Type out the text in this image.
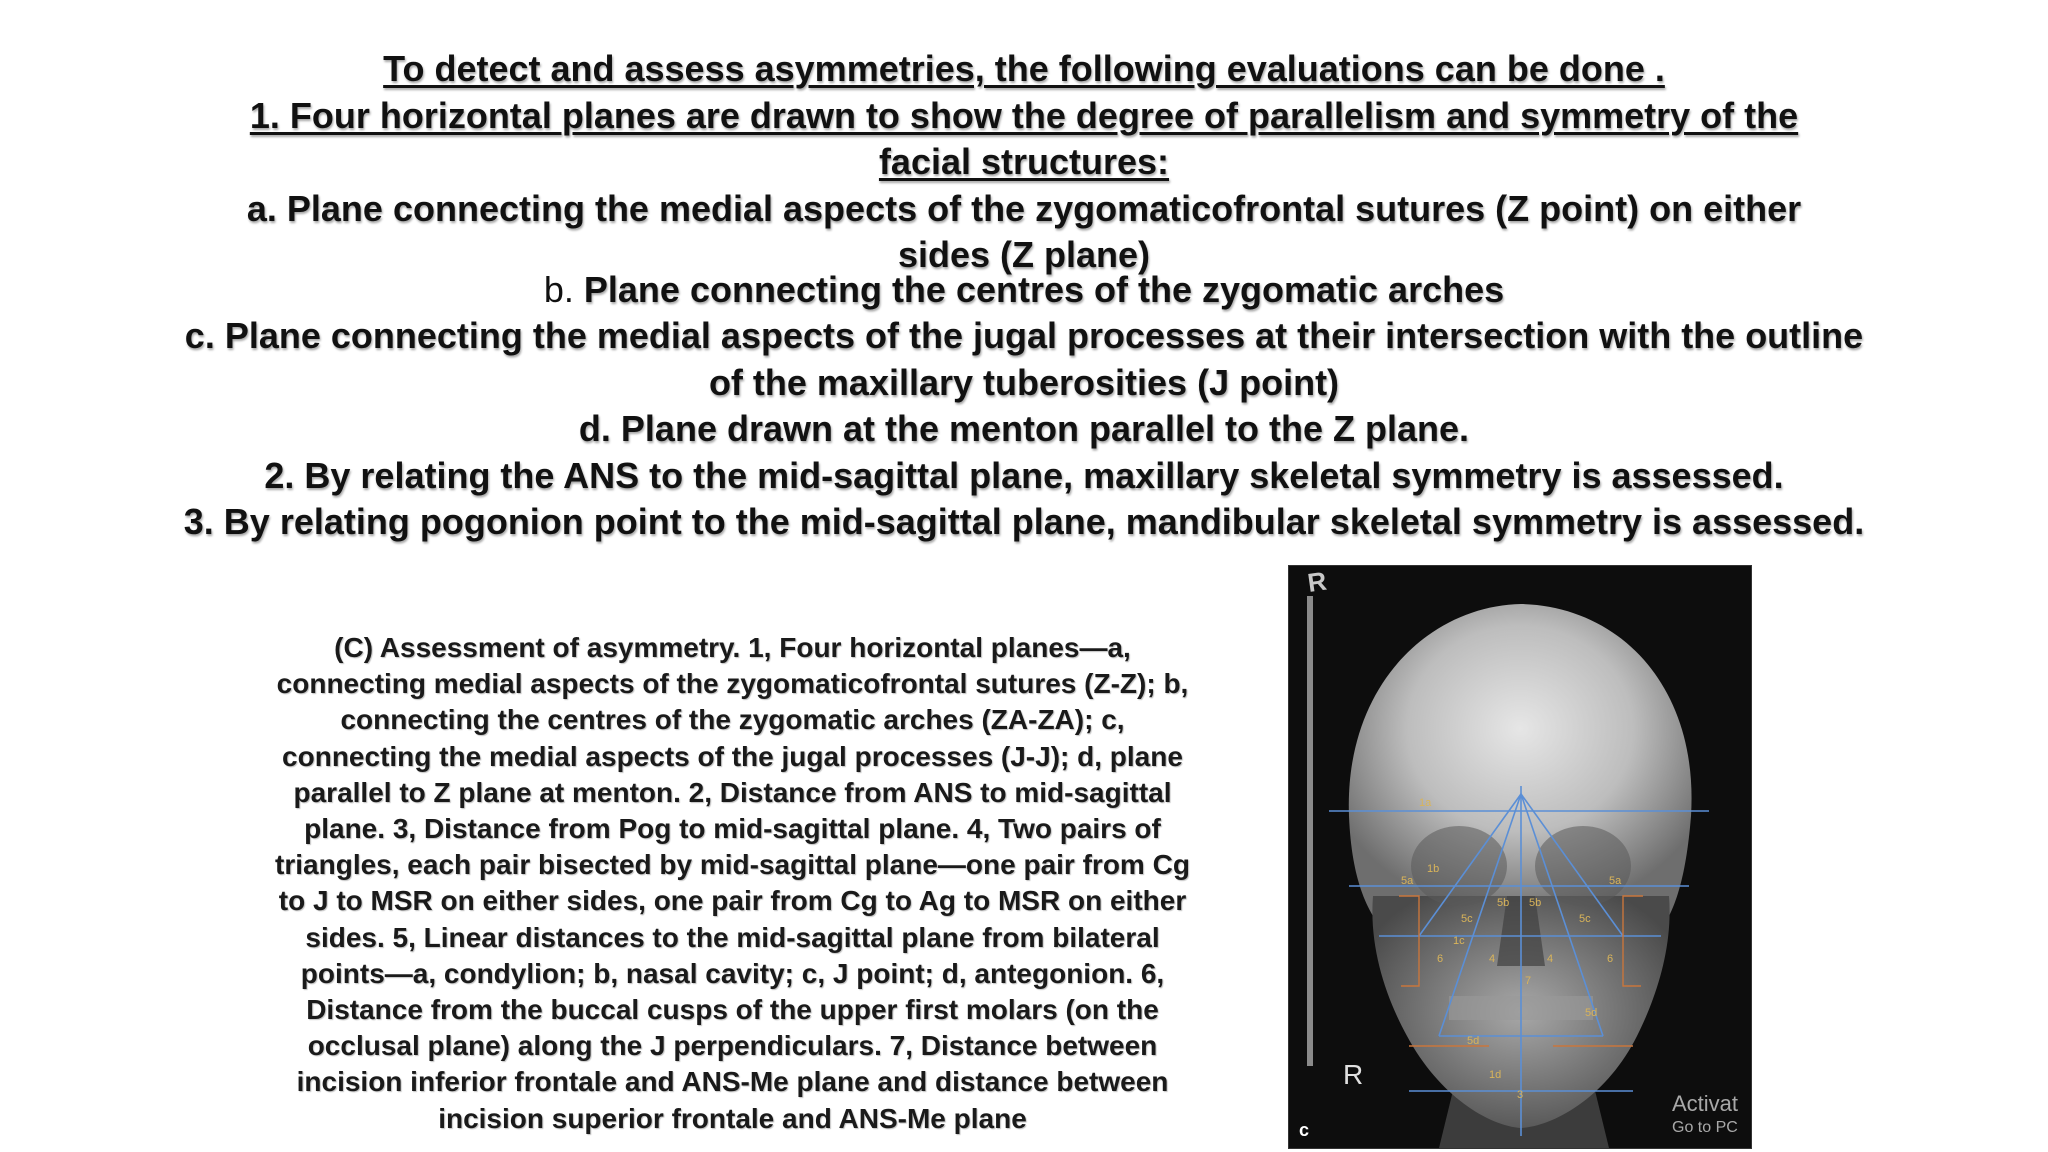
To detect and assess asymmetries, the following evaluations can be done .
1. Four horizontal planes are drawn to show the degree of parallelism and symmetry of the
facial structures:
a. Plane connecting the medial aspects of the zygomaticofrontal sutures (Z point) on either
sides (Z plane)
b. Plane connecting the centres of the zygomatic arches
c. Plane connecting the medial aspects of the jugal processes at their intersection with the outline
of the maxillary tuberosities (J point)
d. Plane drawn at the menton parallel to the Z plane.
2. By relating the ANS to the mid-sagittal plane, maxillary skeletal symmetry is assessed.
3. By relating pogonion point to the mid-sagittal plane, mandibular skeletal symmetry is assessed.
(C) Assessment of asymmetry. 1, Four horizontal planes—a,
connecting medial aspects of the zygomaticofrontal sutures (Z-Z); b,
connecting the centres of the zygomatic arches (ZA-ZA); c,
connecting the medial aspects of the jugal processes (J-J); d, plane
parallel to Z plane at menton. 2, Distance from ANS to mid-sagittal
plane. 3, Distance from Pog to mid-sagittal plane. 4, Two pairs of
triangles, each pair bisected by mid-sagittal plane—one pair from Cg
to J to MSR on either sides, one pair from Cg to Ag to MSR on either
sides. 5, Linear distances to the mid-sagittal plane from bilateral
points—a, condylion; b, nasal cavity; c, J point; d, antegonion. 6,
Distance from the buccal cusps of the upper first molars (on the
occlusal plane) along the J perpendiculars. 7, Distance between
incision inferior frontale and ANS-Me plane and distance between
incision superior frontale and ANS-Me plane
1a
1b
5a	5a
5b 5b
5c	5c
1c
6	6
4	4
7
5d
5d
1d
3
R
R
c
Activat
Go to PC
